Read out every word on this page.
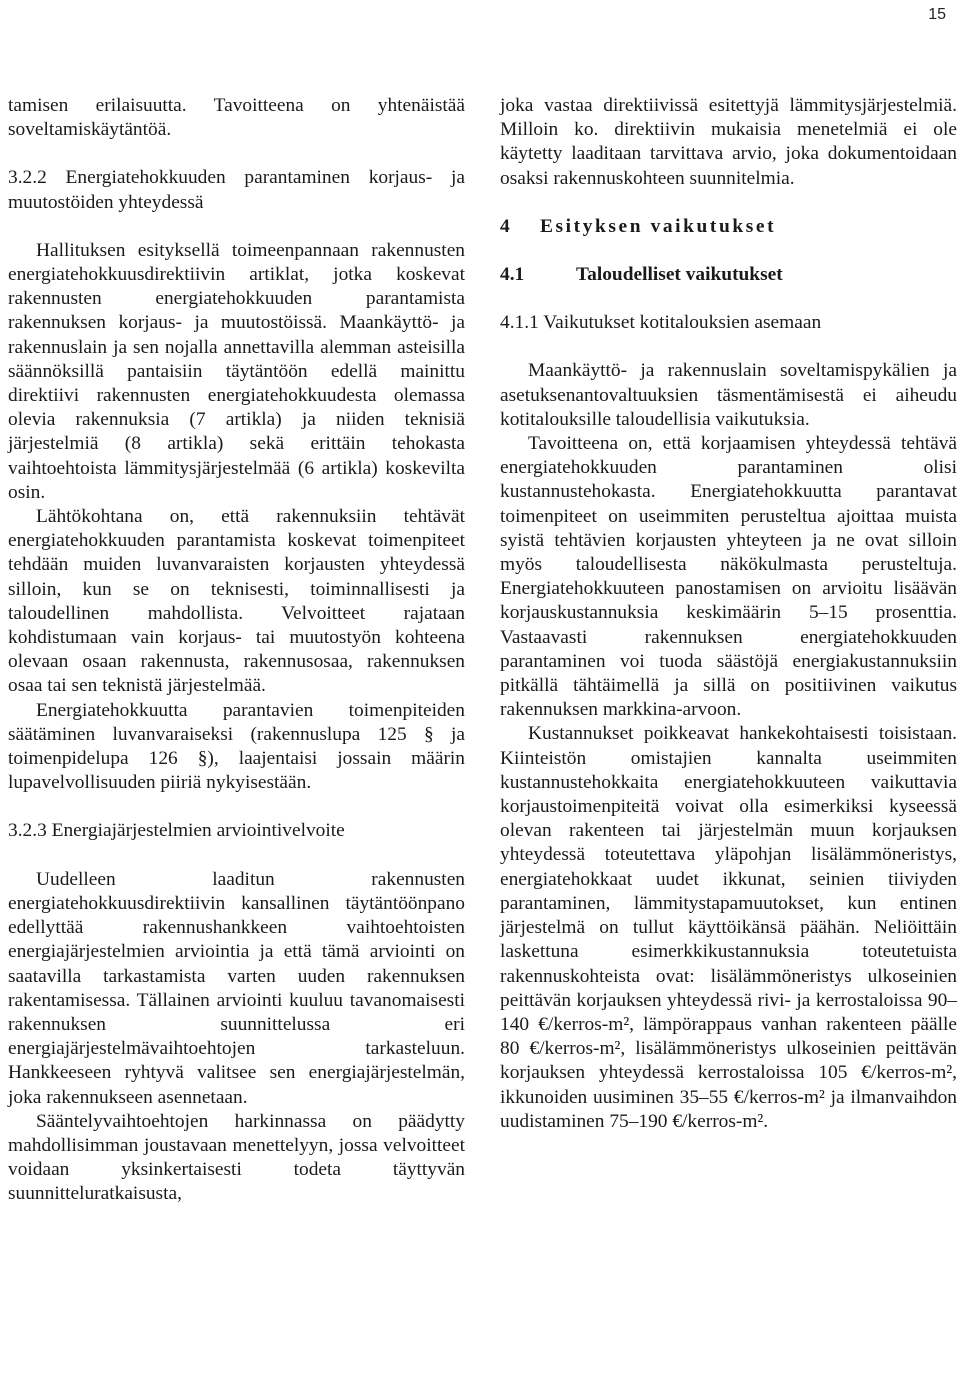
15

tamisen erilaisuutta. Tavoitteena on yhtenäistää soveltamiskäytäntöä.

3.2.2 Energiatehokkuuden parantaminen korjaus- ja muutostöiden yhteydessä

Hallituksen esityksellä toimeenpannaan rakennusten energiatehokkuusdirektiivin artiklat, jotka koskevat rakennusten energiatehokkuuden parantamista rakennuksen korjaus- ja muutostöissä. Maankäyttö- ja rakennuslain ja sen nojalla annettavilla alemman asteisilla säännöksillä pantaisiin täytäntöön edellä mainittu direktiivi rakennusten energiatehokkuudesta olemassa olevia rakennuksia (7 artikla) ja niiden teknisiä järjestelmiä (8 artikla) sekä erittäin tehokasta vaihtoehtoista lämmitysjärjestelmää (6 artikla) koskevilta osin.

Lähtökohtana on, että rakennuksiin tehtävät energiatehokkuuden parantamista koskevat toimenpiteet tehdään muiden luvanvaraisten korjausten yhteydessä silloin, kun se on teknisesti, toiminnallisesti ja taloudellinen mahdollista. Velvoitteet rajataan kohdistumaan vain korjaus- tai muutostyön kohteena olevaan osaan rakennusta, rakennusosaa, rakennuksen osaa tai sen teknistä järjestelmää.

Energiatehokkuutta parantavien toimenpiteiden säätäminen luvanvaraiseksi (rakennuslupa 125 § ja toimenpidelupa 126 §), laajentaisi jossain määrin lupavelvollisuuden piiriä nykyisestään.

3.2.3 Energiajärjestelmien arviointivelvoite

Uudelleen laaditun rakennusten energiatehokkuusdirektiivin kansallinen täytäntöönpano edellyttää rakennushankkeen vaihtoehtoisten energiajärjestelmien arviointia ja että tämä arviointi on saatavilla tarkastamista varten uuden rakennuksen rakentamisessa. Tällainen arviointi kuuluu tavanomaisesti rakennuksen suunnittelussa eri energiajärjestelmävaihtoehtojen tarkasteluun. Hankkeeseen ryhtyvä valitsee sen energiajärjestelmän, joka rakennukseen asennetaan.

Sääntelyvaihtoehtojen harkinnassa on päädytty mahdollisimman joustavaan menettelyyn, jossa velvoitteet voidaan yksinkertaisesti todeta täyttyvän suunnitteluratkaisusta,

joka vastaa direktiivissä esitettyjä lämmitysjärjestelmiä. Milloin ko. direktiivin mukaisia menetelmiä ei ole käytetty laaditaan tarvittava arvio, joka dokumentoidaan osaksi rakennuskohteen suunnitelmia.

4 Esityksen vaikutukset

4.1	Taloudelliset vaikutukset

4.1.1 Vaikutukset kotitalouksien asemaan

Maankäyttö- ja rakennuslain soveltamispykälien ja asetuksenantovaltuuksien täsmentämisestä ei aiheudu kotitalouksille taloudellisia vaikutuksia.

Tavoitteena on, että korjaamisen yhteydessä tehtävä energiatehokkuuden parantaminen olisi kustannustehokasta. Energiatehokkuutta parantavat toimenpiteet on useimmiten perusteltua ajoittaa muista syistä tehtävien korjausten yhteyteen ja ne ovat silloin myös taloudellisesta näkökulmasta perusteltuja. Energiatehokkuuteen panostamisen on arvioitu lisäävän korjauskustannuksia keskimäärin 5–15 prosenttia. Vastaavasti rakennuksen energiatehokkuuden parantaminen voi tuoda säästöjä energiakustannuksiin pitkällä tähtäimellä ja sillä on positiivinen vaikutus rakennuksen markkina-arvoon.

Kustannukset poikkeavat hankekohtaisesti toisistaan. Kiinteistön omistajien kannalta useimmiten kustannustehokkaita energiatehokkuuteen vaikuttavia korjaustoimenpiteitä voivat olla esimerkiksi kyseessä olevan rakenteen tai järjestelmän muun korjauksen yhteydessä toteutettava yläpohjan lisälämmöneristys, energiatehokkaat uudet ikkunat, seinien tiiviyden parantaminen, lämmitystapamuutokset, kun entinen järjestelmä on tullut käyttöikänsä päähän. Neliöittäin laskettuna esimerkkikustannuksia toteutetuista rakennuskohteista ovat: lisälämmöneristys ulkoseinien peittävän korjauksen yhteydessä rivi- ja kerrostaloissa 90–140 €/kerros-m², lämpörappaus vanhan rakenteen päälle 80 €/kerros-m², lisälämmöneristys ulkoseinien peittävän korjauksen yhteydessä kerrostaloissa 105 €/kerros-m², ikkunoiden uusiminen 35–55 €/kerros-m² ja ilmanvaihdon uudistaminen 75–190 €/kerros-m².
